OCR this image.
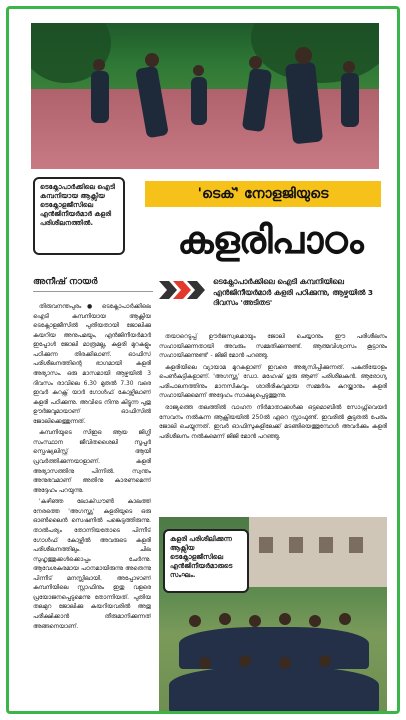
ടെക്നോപാർക്കിലെ ഐടി കമ്പനിയായ ആക്സിയ ടെക്നോളജീസിലെ എൻജിനീയർമാർ കളരി പരിശീലനത്തിൽ.
'ടെക്' നോളജിയുടെ
കളരിപാഠം
അനീഷ് നായർ	ടെക്നോപാർക്കിലെ ഐടി കമ്പനിയിലെ എൻജിനീയർമാർ കളരി പഠിക്കുന്നു, ആഴ്ചയിൽ 3 ദിവസം 'അടിതട'

തിരുവനന്തപുരം ● ടെക്നോപാർക്കിലെ ഐടി കമ്പനിയായ ആക്സിയ ടെക്നോളജീസിൽ പുതിയതായി ജോലിക്കു കയറിയ അനുപമയും, എൻജിനീയർമാർ ഇപ്പോൾ ജോലി മാത്രമല്ല, കളരി മുറകളും പഠിക്കുന്ന തിരക്കിലാണ്. ഓഫിസ് പരിശീലനത്തിന്റെ ഭാഗമായി കളരി അഭ്യാസം. ഒരു മാസമായി ആഴ്ചയിൽ 3 ദിവസം രാവിലെ 6.30 മുതൽ 7.30 വരെ ഇവർ കറക്റ്റ് യാർ ഗോൾഫ് കോഴ്സിലാണ് കളരി പഠിക്കുന്നു. അവിടെ നിന്നു കിട്ടുന്ന പുതു ഊർജവുമായാണ് ഓഫിസിൽ ജോലിക്കെത്തുന്നത്.

കമ്പനിയുടെ സിഇഒ ആയ ജിഗ്ഗി സംസ്ഥാന ജീവിതശൈലി സൂപ്പർ സ്പെഷ്യലിസ്റ്റ് ആയി പ്രവർത്തിക്കുന്നയാളാണ്. കളരി അഭ്യാസത്തിനു പിന്നിൽ. സ്വന്തം അനുഭവമാണ് അതിനു കാരണമെന്ന് അദ്ദേഹം പറയുന്നു.

'കഴിഞ്ഞ ലോക്ഡൗൺ കാലത്ത് നേരത്തെ 'അഗസ്ത്യ' കളരിയുടെ ഒരു ഓൺലൈൻ സെഷനിൽ പങ്കെടുത്തിരുന്നു. താൽപര്യം തോന്നിയതോടെ പിന്നീട് ഗോൾഫ് കോഴ്സിൽ അവരുടെ കളരി പരിശീലനത്തിലും. ചില സുഹൃത്തുക്കൾക്കൊപ്പം ചേർന്നു. ആവേശകരമായ പഠനമായിരുന്നു അതെന്നു പിന്നീട് മനസ്സിലായി. അപ്പോഴാണ് കമ്പനിയിലെ സ്റ്റാഫിനും ഇതു വളരെ പ്രയോജനപ്പെടുമെന്നു തോന്നിയത്. പുതിയ തലമുറ ജോലിക്കു കയറിയവരിൽ അതു പരീക്ഷിക്കാൻ തീരുമാനിക്കുന്നത് അങ്ങനെയാണ്.

തയാറെടുപ്പ് ഊർജസ്വലമായും ജോലി ചെയ്യാനും ഈ പരിശീലനം സഹായിക്കുന്നതായി അവരും സമ്മതിക്കുന്നുണ്ട്. ആത്മവിശ്വാസം കൂട്ടാനും സഹായിക്കുന്നുണ്ട്' - ജിജി മോൻ പറഞ്ഞു.

കളരിയിലെ വ്യായാമ മുറകളാണ് ഇവരെ അഭ്യസിപ്പിക്കുന്നത്. പകുതിയോളം പെൺകുട്ടികളാണ്. 'അഗസ്ത്യ' ഡോ. മഹേഷ് ഗുരു ആണ് പരിശീലകൻ. ആരോഗ്യ പരിപാലനത്തിനും മാനസികവും ശാരീരികവുമായ സമ്മർദം കുറയ്ക്കാനും കളരി സഹായിക്കുമെന്ന് അദ്ദേഹം സാക്ഷ്യപ്പെടുത്തുന്നു.

രാജ്യത്തെ തലത്തിൽ വാഹന നിർമാതാക്കൾക്കു ഒട്ടമൊബീൽ സോഫ്റ്റ്‌വെയർ സേവനം നൽകുന്ന ആക്സിയയിൽ 250ൽ ഏറെ സ്റ്റാഫുണ്ട്. ഇവരിൽ കൂടുതൽ പേരും ജോലി ചെയ്യുന്നത്. ഇവർ ഓഫിസുകളിലേക്ക് മടങ്ങിയെത്തുമ്പോൾ അവർക്കും കളരി പരിശീലനം നൽകുമെന്ന് ജിജി മോൻ പറഞ്ഞു.

കളരി പരിശീലിക്കുന്ന ആക്സിയ ടെക്നോളജീസിലെ എൻജിനീയർമാരുടെ സംഘം.
